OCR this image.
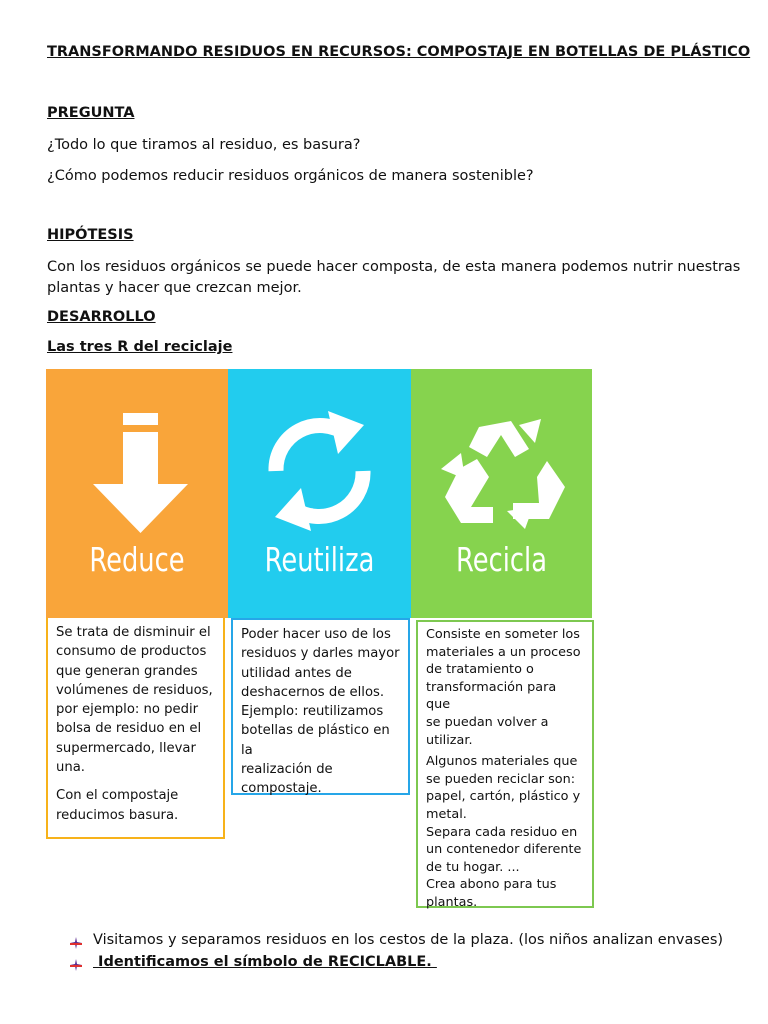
TRANSFORMANDO RESIDUOS EN RECURSOS: COMPOSTAJE EN BOTELLAS DE PLÁSTICO
PREGUNTA
¿Todo lo que tiramos al residuo, es basura?
¿Cómo podemos reducir residuos orgánicos de manera sostenible?
HIPÓTESIS
Con los residuos orgánicos se puede hacer composta, de esta manera podemos nutrir nuestras
plantas y hacer que crezcan mejor.
DESARROLLO
Las tres R del reciclaje
Reduce	Reutiliza	Recicla

Se trata de disminuir el

consumo de productos

que generan grandes

volúmenes de residuos,

por ejemplo: no pedir

bolsa de residuo en el

supermercado, llevar

una.

Con el compostaje

reducimos basura.

Poder hacer uso de los

residuos y darles mayor

utilidad antes de

deshacernos de ellos.

Ejemplo: reutilizamos

botellas de plástico en la

realización de

compostaje.

Consiste en someter los

materiales a un proceso

de tratamiento o

transformación para que

se puedan volver a

utilizar.

Algunos materiales que

se pueden reciclar son:

papel, cartón, plástico y

metal.

Separa cada residuo en

un contenedor diferente

de tu hogar. ...

Crea abono para tus

plantas.

Visitamos y separamos residuos en los cestos de la plaza. (los niños analizan envases)
Identificamos el símbolo de RECICLABLE.
